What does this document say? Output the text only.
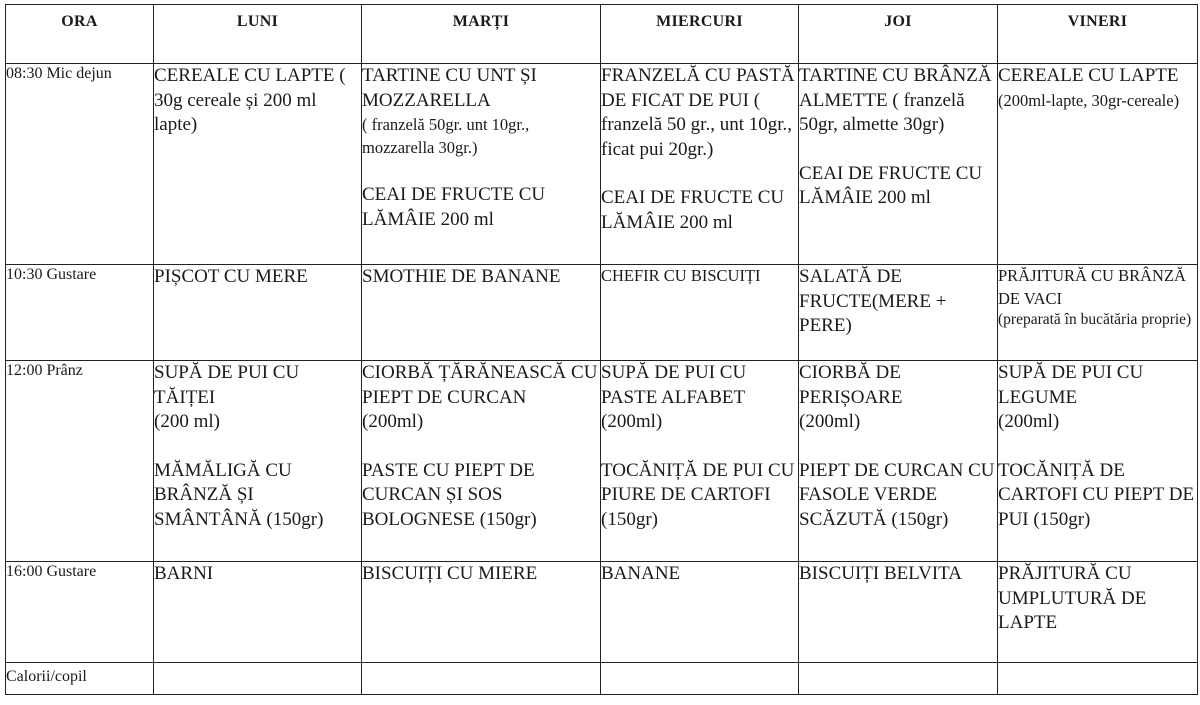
ORA	LUNI	MARȚI	MIERCURI	JOI	VINERI
08:30 Mic dejun	CEREALE CU LAPTE ( 30g cereale și 200 ml lapte)	TARTINE CU UNT ȘI MOZZARELLA
( franzelă 50gr. unt 10gr., mozzarella 30gr.)
CEAI DE FRUCTE CU LĂMÂIE 200 ml	FRANZELĂ CU PASTĂ DE FICAT DE PUI ( franzelă 50 gr., unt 10gr., ficat pui 20gr.)
CEAI DE FRUCTE CU LĂMÂIE 200 ml	TARTINE CU BRÂNZĂ ALMETTE ( franzelă 50gr, almette 30gr)
CEAI DE FRUCTE CU LĂMÂIE 200 ml	CEREALE CU LAPTE
(200ml-lapte, 30gr-cereale)

10:30 Gustare	PIȘCOT CU MERE	SMOTHIE DE BANANE	CHEFIR CU BISCUIȚI	SALATĂ DE FRUCTE(MERE + PERE)	PRĂJITURĂ CU BRÂNZĂ DE VACI
(preparată în bucătăria proprie)

12:00 Prânz	SUPĂ DE PUI CU TĂIȚEI
(200 ml)
MĂMĂLIGĂ CU BRÂNZĂ ȘI SMÂNTÂNĂ (150gr)	CIORBĂ ȚĂRĂNEASCĂ CU PIEPT DE CURCAN
(200ml)
PASTE CU PIEPT DE CURCAN ȘI SOS BOLOGNESE (150gr)	SUPĂ DE PUI CU PASTE ALFABET
(200ml)
TOCĂNIȚĂ DE PUI CU PIURE DE CARTOFI (150gr)	CIORBĂ DE PERIȘOARE
(200ml)
PIEPT DE CURCAN CU FASOLE VERDE SCĂZUTĂ (150gr)	SUPĂ DE PUI CU LEGUME
(200ml)
TOCĂNIȚĂ DE CARTOFI CU PIEPT DE PUI (150gr)

16:00 Gustare	BARNI	BISCUIȚI CU MIERE	BANANE	BISCUIȚI BELVITA	PRĂJITURĂ CU UMPLUTURĂ DE LAPTE

Calorii/copil					
